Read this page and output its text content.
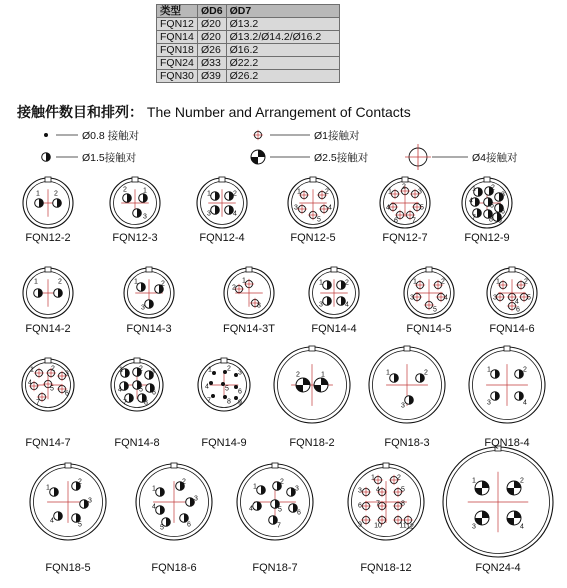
类型	ØD6	ØD7
FQN12	Ø20	Ø13.2
FQN14	Ø20	Ø13.2/Ø14.2/Ø16.2
FQN18	Ø26	Ø16.2
FQN24	Ø33	Ø22.2
FQN30	Ø39	Ø26.2
接触件数目和排列： The Number and Arrangement of Contacts
Ø0.8 接触对
Ø1.5接触对
Ø1接触对
Ø2.5接触对	Ø4接触对
1 2
2 1
3
1	2
3	4
1	2
3	4
5
1
2
3
4	5
6 7
1 2
3
4
5
6
7 8 9
1	2	1	2
3
1
2
3
1	2
3	4
1	2
3	4
5
1	2
3
4
5
6
1 2
3
4
5
6
7
1 2 3
4 5 6
7 8
1 2
3
4 5 6
7 8 9
2	1	1	2
3
1	2
3	4
1
2
3
4
5
1
2
3
4
5	6
1
2
3
4	5 6
7
1	2
3 4	5
6 7	8
9 10 11 12
1	2
3	4
FQN12-2	FQN12-3	FQN12-4	FQN12-5	FQN12-7	FQN12-9
FQN14-2	FQN14-3	FQN14-3T	FQN14-4	FQN14-5	FQN14-6
FQN14-7	FQN14-8	FQN14-9	FQN18-2	FQN18-3	FQN18-4
FQN18-5	FQN18-6	FQN18-7	FQN18-12	FQN24-4
